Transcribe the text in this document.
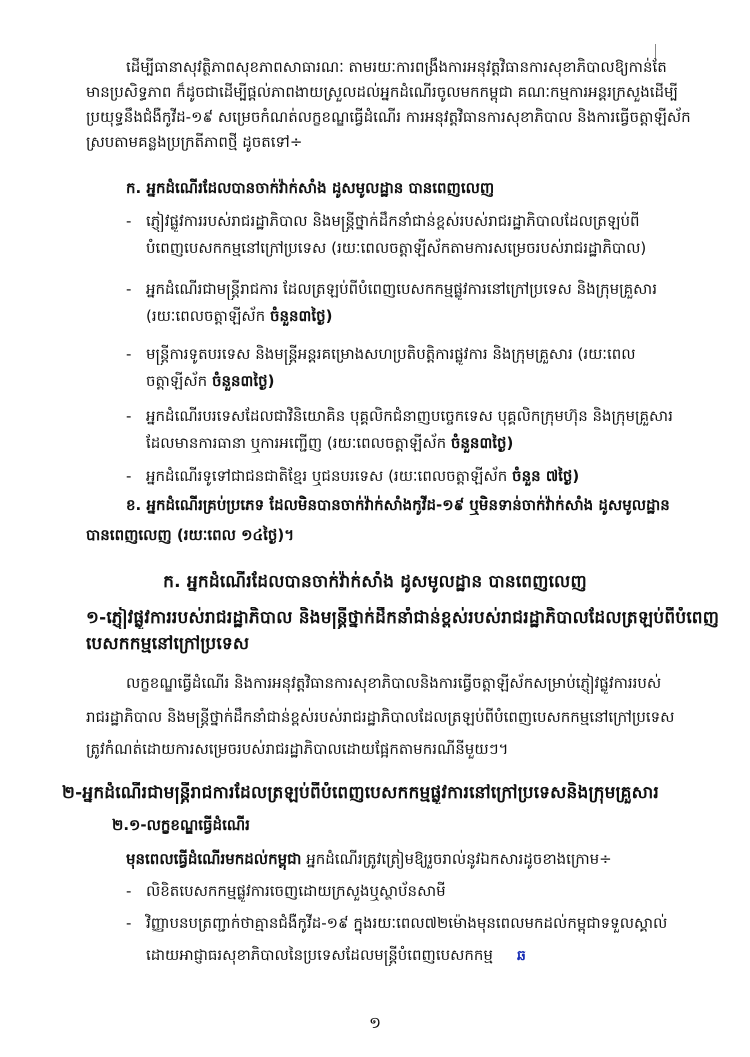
ដើម្បីធានាសុវត្ថិភាពសុខភាពសាធារណៈ តាមរយៈការពង្រឹងការអនុវត្តវិធានការសុខាភិបាលឱ្យកាន់តែ
មានប្រសិទ្ធភាព ក៏ដូចជាដើម្បីផ្តល់ភាពងាយស្រួលដល់អ្នកដំណើរចូលមកកម្ពុជា គណៈកម្មការអន្តរក្រសួងដើម្បី
ប្រយុទ្ធនឹងជំងឺកូវីដ-១៩ សម្រេចកំណត់លក្ខខណ្ឌធ្វើដំណើរ ការអនុវត្តវិធានការសុខាភិបាល និងការធ្វើចត្តាឡីស័ក
ស្របតាមគន្លងប្រក្រតីភាពថ្មី ដូចតទៅ÷
ក. អ្នកដំណើរដែលបានចាក់វ៉ាក់សាំង ដូសមូលដ្ឋាន បានពេញលេញ
- ភ្ញៀវផ្លូវការរបស់រាជរដ្ឋាភិបាល និងមន្ត្រីថ្នាក់ដឹកនាំជាន់ខ្ពស់របស់រាជរដ្ឋាភិបាលដែលត្រឡប់ពី
បំពេញបេសកកម្មនៅក្រៅប្រទេស (រយៈពេលចត្តាឡីស័កតាមការសម្រេចរបស់រាជរដ្ឋាភិបាល)
- អ្នកដំណើរជាមន្ត្រីរាជការ ដែលត្រឡប់ពីបំពេញបេសកកម្មផ្លូវការនៅក្រៅប្រទេស និងក្រុមគ្រួសារ
(រយៈពេលចត្តាឡីស័ក ចំនួន៣ថ្ងៃ)
- មន្ត្រីការទូតបរទេស និងមន្ត្រីអន្តរគម្រោងសហប្រតិបត្តិការផ្លូវការ និងក្រុមគ្រួសារ (រយៈពេល
ចត្តាឡីស័ក ចំនួន៣ថ្ងៃ)
- អ្នកដំណើរបរទេសដែលជាវិនិយោគិន បុគ្គលិកជំនាញបច្ចេកទេស បុគ្គលិកក្រុមហ៊ុន និងក្រុមគ្រួសារ
ដែលមានការធានា ឬការអញ្ជើញ (រយៈពេលចត្តាឡីស័ក ចំនួន៣ថ្ងៃ)
- អ្នកដំណើរទូទៅជាជនជាតិខ្មែរ ឬជនបរទេស (រយៈពេលចត្តាឡីស័ក ចំនួន ៧ថ្ងៃ)
ខ. អ្នកដំណើរគ្រប់ប្រភេទ ដែលមិនបានចាក់វ៉ាក់សាំងកូវីដ-១៩ ឬមិនទាន់ចាក់វ៉ាក់សាំង ដូសមូលដ្ឋាន
បានពេញលេញ (រយៈពេល ១៤ថ្ងៃ)។
ក. អ្នកដំណើរដែលបានចាក់វ៉ាក់សាំង ដូសមូលដ្ឋាន បានពេញលេញ
១-ភ្ញៀវផ្លូវការរបស់រាជរដ្ឋាភិបាល និងមន្ត្រីថ្នាក់ដឹកនាំជាន់ខ្ពស់របស់រាជរដ្ឋាភិបាលដែលត្រឡប់ពីបំពេញ
បេសកកម្មនៅក្រៅប្រទេស
លក្ខខណ្ឌធ្វើដំណើរ និងការអនុវត្តវិធានការសុខាភិបាលនិងការធ្វើចត្តាឡីស័កសម្រាប់ភ្ញៀវផ្លូវការរបស់
រាជរដ្ឋាភិបាល និងមន្ត្រីថ្នាក់ដឹកនាំជាន់ខ្ពស់របស់រាជរដ្ឋាភិបាលដែលត្រឡប់ពីបំពេញបេសកកម្មនៅក្រៅប្រទេស
ត្រូវកំណត់ដោយការសម្រេចរបស់រាជរដ្ឋាភិបាលដោយផ្អែកតាមករណីនីមួយៗ។
២-អ្នកដំណើរជាមន្ត្រីរាជការដែលត្រឡប់ពីបំពេញបេសកកម្មផ្លូវការនៅក្រៅប្រទេសនិងក្រុមគ្រួសារ
២.១-លក្ខខណ្ឌធ្វើដំណើរ
មុនពេលធ្វើដំណើរមកដល់កម្ពុជា អ្នកដំណើរត្រូវត្រៀមឱ្យរួចរាល់នូវឯកសារដូចខាងក្រោម÷
- លិខិតបេសកកម្មផ្លូវការចេញដោយក្រសួងឬស្ថាប័នសាមី
- វិញ្ញាបនបត្រញ្ជាក់ថាគ្មានជំងឺកូវីដ-១៩ ក្នុងរយៈពេល៧២ម៉ោងមុនពេលមកដល់កម្ពុជាទទួលស្គាល់
ដោយអាជ្ញាធរសុខាភិបាលនៃប្រទេសដែលមន្ត្រីបំពេញបេសកកម្ម	ឆ
១
